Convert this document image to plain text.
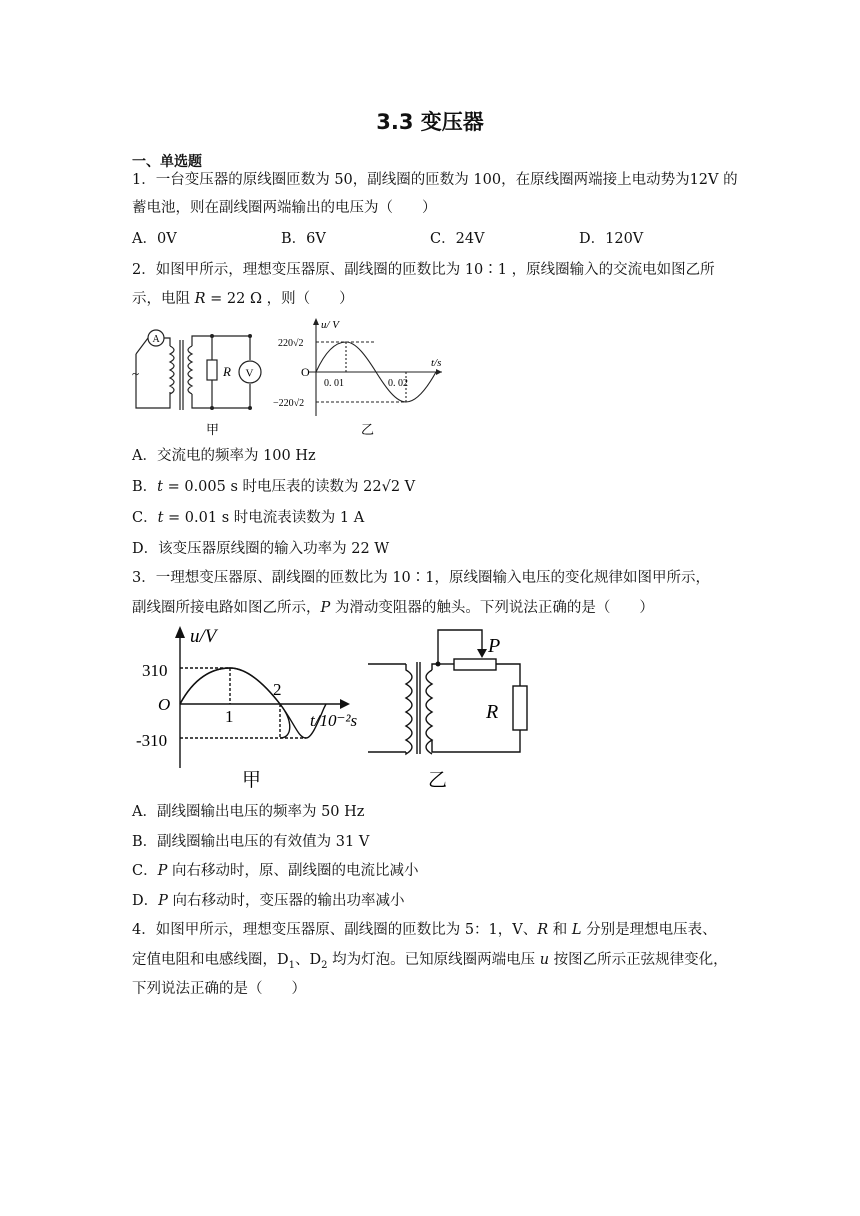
3.3 变压器
一、单选题
1．一台变压器的原线圈匝数为 50，副线圈的匝数为 100，在原线圈两端接上电动势为12V 的
蓄电池，则在副线圈两端输出的电压为（　　）
A．0V	B．6V	C．24V	D．120V
2．如图甲所示，理想变压器原、副线圈的匝数比为 10∶1 ，原线圈输入的交流电如图乙所
示，电阻 R = 22 Ω ，则（　　）
A
~	R V
甲
u/ V
t/s
220√2
−220√2
O
0. 01	0. 02
乙
A．交流电的频率为 100 Hz
B．t = 0.005 s 时电压表的读数为 22√2 V
C．t = 0.01 s 时电流表读数为 1 A
D．该变压器原线圈的输入功率为 22 W
3．一理想变压器原、副线圈的匝数比为 10∶1，原线圈输入电压的变化规律如图甲所示，
副线圈所接电路如图乙所示，P 为滑动变阻器的触头。下列说法正确的是（　　）
u/V
310
-310
O
1
2
t/10⁻²s
甲
P
R
乙
A．副线圈输出电压的频率为 50 Hz
B．副线圈输出电压的有效值为 31 V
C．P 向右移动时，原、副线圈的电流比减小
D．P 向右移动时，变压器的输出功率减小
4．如图甲所示，理想变压器原、副线圈的匝数比为 5：1，V、R 和 L 分别是理想电压表、
定值电阻和电感线圈，$D_1$、$D_2$ 均为灯泡。已知原线圈两端电压 u 按图乙所示正弦规律变化，
下列说法正确的是（　　）
